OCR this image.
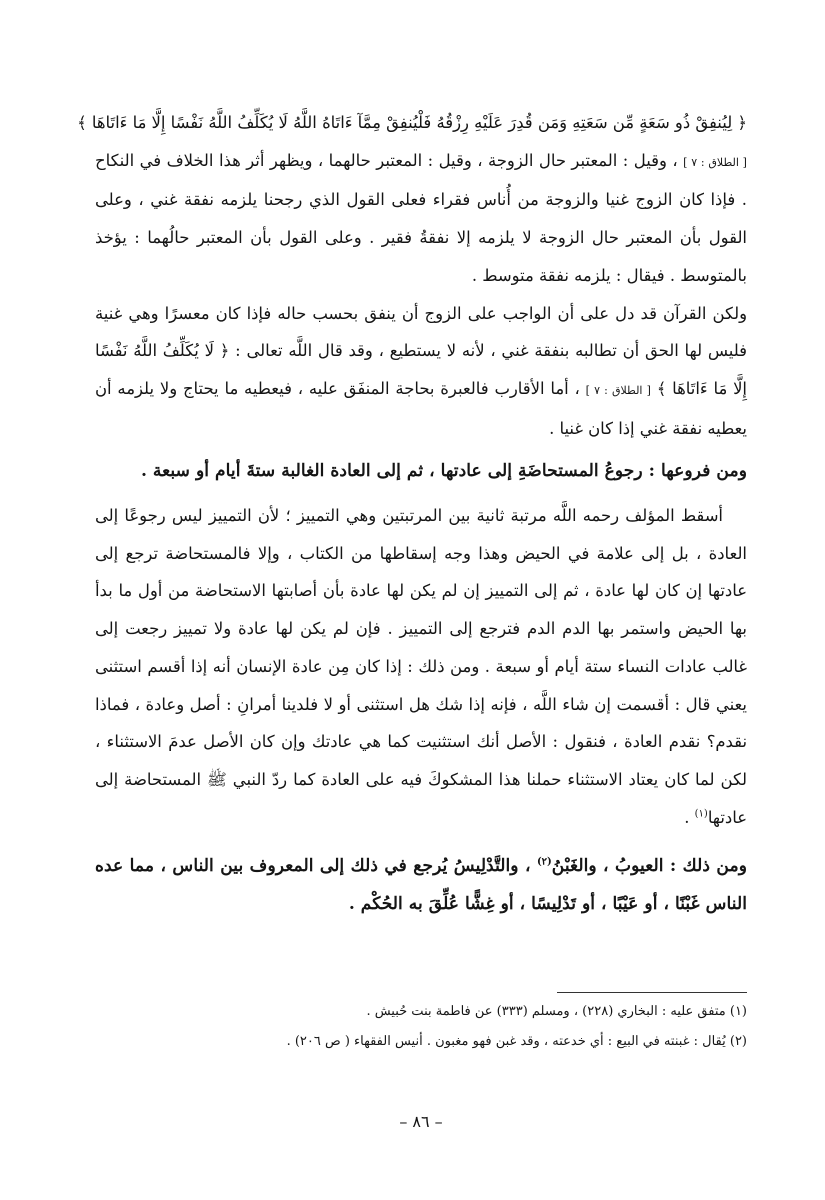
﴿ لِيُنفِقْ ذُو سَعَةٍ مِّن سَعَتِهِ وَمَن قُدِرَ عَلَيْهِ رِزْقُهُ فَلْيُنفِقْ مِمَّآ ءَاتَاهُ اللَّهُ لَا يُكَلِّفُ اللَّهُ نَفْسًا إِلَّا مَا ءَاتَاهَا ﴾ [ الطلاق : ٧ ] ، وقيل : المعتبر حال الزوجة ، وقيل : المعتبر حالهما ، ويظهر أثر هذا الخلاف في النكاح . فإذا كان الزوج غنيا والزوجة من أُناس فقراء فعلى القول الذي رجحنا يلزمه نفقة غني ، وعلى القول بأن المعتبر حال الزوجة لا يلزمه إلا نفقةُ فقير . وعلى القول بأن المعتبر حالُهما : يؤخذ بالمتوسط . فيقال : يلزمه نفقة متوسط .

ولكن القرآن قد دل على أن الواجب على الزوج أن ينفق بحسب حاله فإذا كان معسرًا وهي غنية فليس لها الحق أن تطالبه بنفقة غني ، لأنه لا يستطيع ، وقد قال اللَّه تعالى : ﴿ لَا يُكَلِّفُ اللَّهُ نَفْسًا إِلَّا مَا ءَاتَاهَا ﴾ [ الطلاق : ٧ ] ، أما الأقارب فالعبرة بحاجة المنفَق عليه ، فيعطيه ما يحتاج ولا يلزمه أن يعطيه نفقة غني إذا كان غنيا .

ومن فروعها : رجوعُ المستحاضَةِ إلى عادتها ، ثم إلى العادة الغالبة ستةَ أيام أو سبعة .

أسقط المؤلف رحمه اللَّه مرتبة ثانية بين المرتبتين وهي التمييز ؛ لأن التمييز ليس رجوعًا إلى العادة ، بل إلى علامة في الحيض وهذا وجه إسقاطها من الكتاب ، وإلا فالمستحاضة ترجع إلى عادتها إن كان لها عادة ، ثم إلى التمييز إن لم يكن لها عادة بأن أصابتها الاستحاضة من أول ما بدأ بها الحيض واستمر بها الدم الدم فترجع إلى التمييز . فإن لم يكن لها عادة ولا تمييز رجعت إلى غالب عادات النساء ستة أيام أو سبعة . ومن ذلك : إذا كان مِن عادة الإنسان أنه إذا أقسم استثنى يعني قال : أقسمت إن شاء اللَّه ، فإنه إذا شك هل استثنى أو لا فلدينا أمرانِ : أصل وعادة ، فماذا نقدم؟ نقدم العادة ، فنقول : الأصل أنك استثنيت كما هي عادتك وإن كان الأصل عدمَ الاستثناء ، لكن لما كان يعتاد الاستثناء حملنا هذا المشكوكَ فيه على العادة كما ردّ النبي ﷺ المستحاضة إلى عادتها$^{(١)}$ .

ومن ذلك : العيوبُ ، والغَبْنُ$^{(٢)}$ ، والتَّدْلِيسُ يُرجع في ذلك إلى المعروف بين الناس ، مما عده الناس غَبْنًا ، أو عَيْبًا ، أو تَدْلِيسًا ، أو غِشًّا عُلِّقَ به الحُكْم .

(١) متفق عليه : البخاري (٢٢٨) ، ومسلم (٣٣٣) عن فاطمة بنت حُبيش .

(٢) يُقال : غبنته في البيع : أي خدعته ، وقد غبن فهو مغبون . أنيس الفقهاء ( ص ٢٠٦) .

– ٨٦ –
